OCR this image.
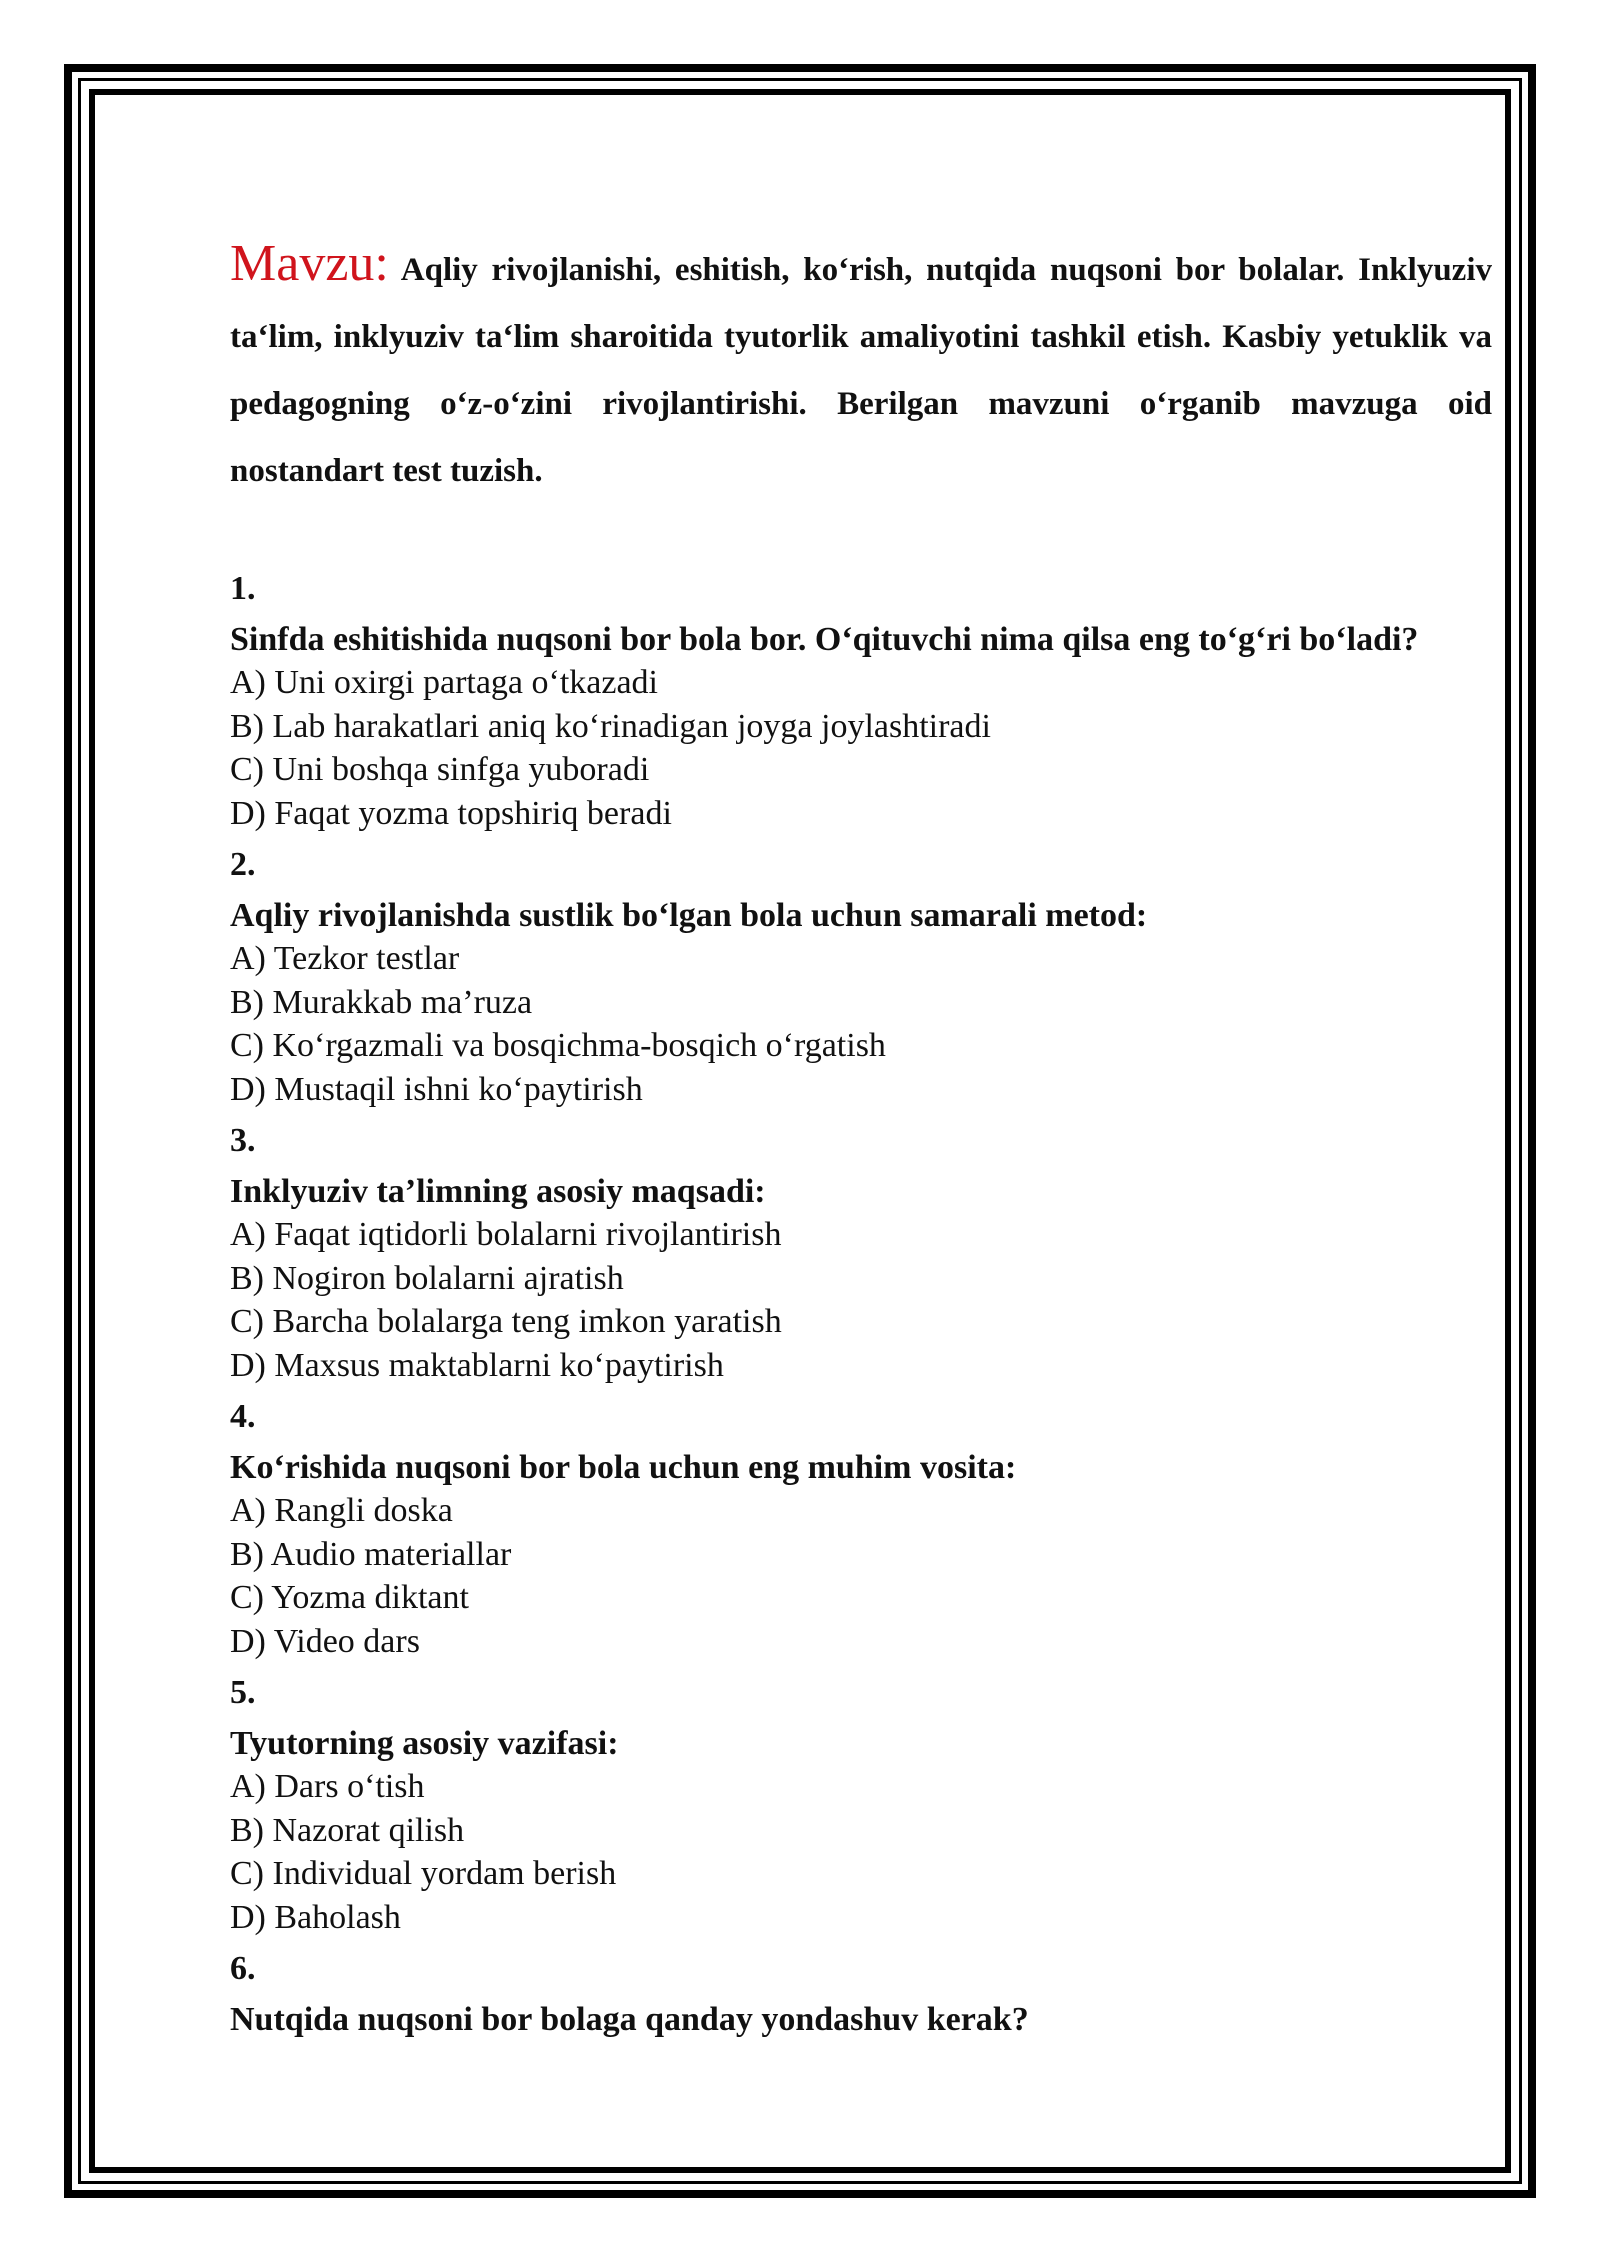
Mavzu: Aqliy rivojlanishi, eshitish, ko‘rish, nutqida nuqsoni bor bolalar. Inklyuziv ta‘lim, inklyuziv ta‘lim sharoitida tyutorlik amaliyotini tashkil etish. Kasbiy yetuklik va pedagogning o‘z-o‘zini rivojlantirishi. Berilgan mavzuni o‘rganib mavzuga oid nostandart test tuzish.

1.
Sinfda eshitishida nuqsoni bor bola bor. O‘qituvchi nima qilsa eng to‘g‘ri bo‘ladi?
A) Uni oxirgi partaga o‘tkazadi
B) Lab harakatlari aniq ko‘rinadigan joyga joylashtiradi
C) Uni boshqa sinfga yuboradi
D) Faqat yozma topshiriq beradi
2.
Aqliy rivojlanishda sustlik bo‘lgan bola uchun samarali metod:
A) Tezkor testlar
B) Murakkab ma’ruza
C) Ko‘rgazmali va bosqichma-bosqich o‘rgatish
D) Mustaqil ishni ko‘paytirish
3.
Inklyuziv ta’limning asosiy maqsadi:
A) Faqat iqtidorli bolalarni rivojlantirish
B) Nogiron bolalarni ajratish
C) Barcha bolalarga teng imkon yaratish
D) Maxsus maktablarni ko‘paytirish
4.
Ko‘rishida nuqsoni bor bola uchun eng muhim vosita:
A) Rangli doska
B) Audio materiallar
C) Yozma diktant
D) Video dars
5.
Tyutorning asosiy vazifasi:
A) Dars o‘tish
B) Nazorat qilish
C) Individual yordam berish
D) Baholash
6.
Nutqida nuqsoni bor bolaga qanday yondashuv kerak?
